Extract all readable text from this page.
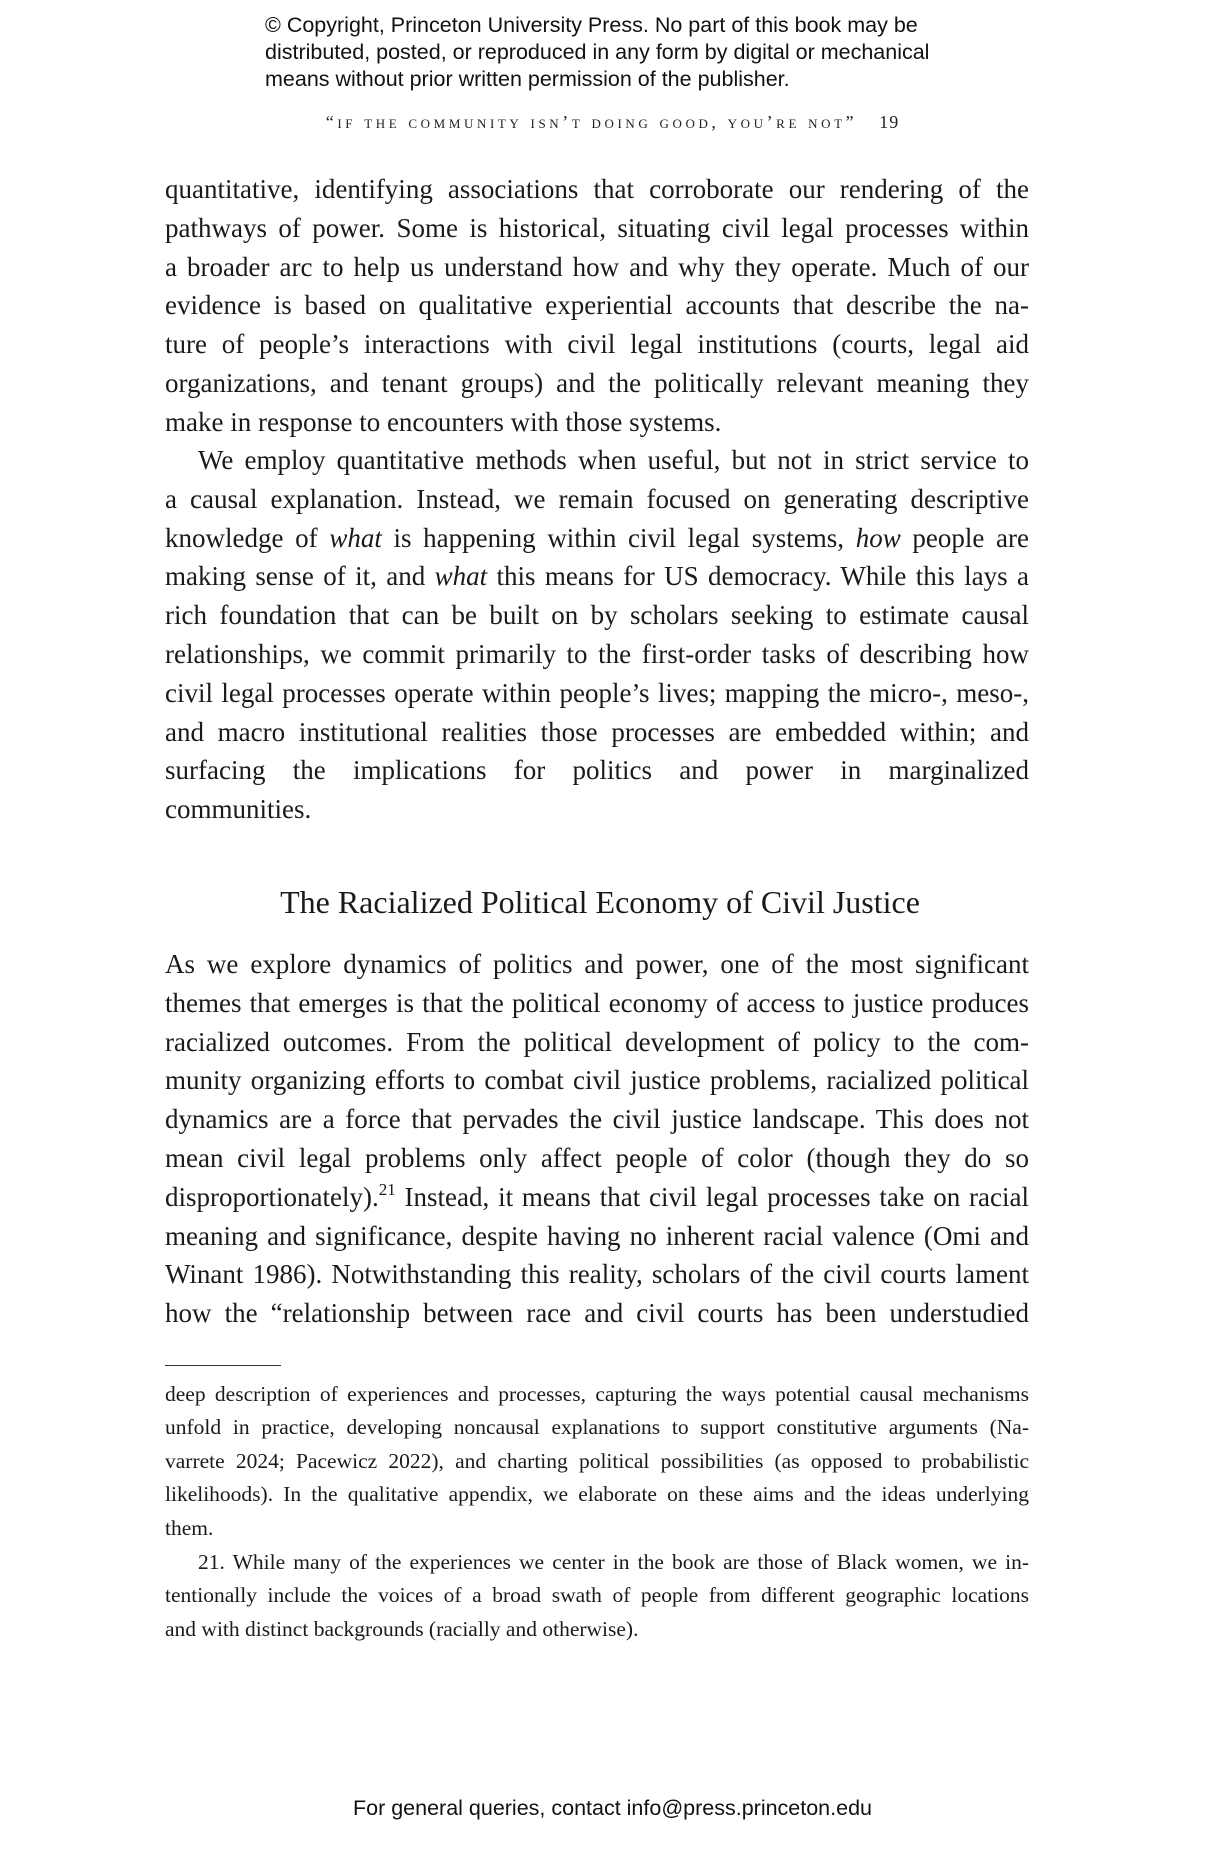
© Copyright, Princeton University Press. No part of this book may be
distributed, posted, or reproduced in any form by digital or mechanical
means without prior written permission of the publisher.
“if the community isn’t doing good, you’re not” 19
quantitative, identifying associations that corroborate our rendering of the
pathways of power. Some is historical, situating civil legal processes within
a broader arc to help us understand how and why they operate. Much of our
evidence is based on qualitative experiential accounts that describe the na-
ture of people’s interactions with civil legal institutions (courts, legal aid
organizations, and tenant groups) and the politically relevant meaning they
make in response to encounters with those systems.
We employ quantitative methods when useful, but not in strict service to
a causal explanation. Instead, we remain focused on generating descriptive
knowledge of what is happening within civil legal systems, how people are
making sense of it, and what this means for US democracy. While this lays a
rich foundation that can be built on by scholars seeking to estimate causal
relationships, we commit primarily to the first-order tasks of describing how
civil legal processes operate within people’s lives; mapping the micro-, meso-,
and macro institutional realities those processes are embedded within; and
surfacing the implications for politics and power in marginalized
communities.
The Racialized Political Economy of Civil Justice
As we explore dynamics of politics and power, one of the most significant
themes that emerges is that the political economy of access to justice produces
racialized outcomes. From the political development of policy to the com-
munity organizing efforts to combat civil justice problems, racialized political
dynamics are a force that pervades the civil justice landscape. This does not
mean civil legal problems only affect people of color (though they do so
disproportionately).$^{21}$ Instead, it means that civil legal processes take on racial
meaning and significance, despite having no inherent racial valence (Omi and
Winant 1986). Notwithstanding this reality, scholars of the civil courts lament
how the “relationship between race and civil courts has been understudied
deep description of experiences and processes, capturing the ways potential causal mechanisms
unfold in practice, developing noncausal explanations to support constitutive arguments (Na-
varrete 2024; Pacewicz 2022), and charting political possibilities (as opposed to probabilistic
likelihoods). In the qualitative appendix, we elaborate on these aims and the ideas underlying
them.
21. While many of the experiences we center in the book are those of Black women, we in-
tentionally include the voices of a broad swath of people from different geographic locations
and with distinct backgrounds (racially and otherwise).
For general queries, contact info@press.princeton.edu
